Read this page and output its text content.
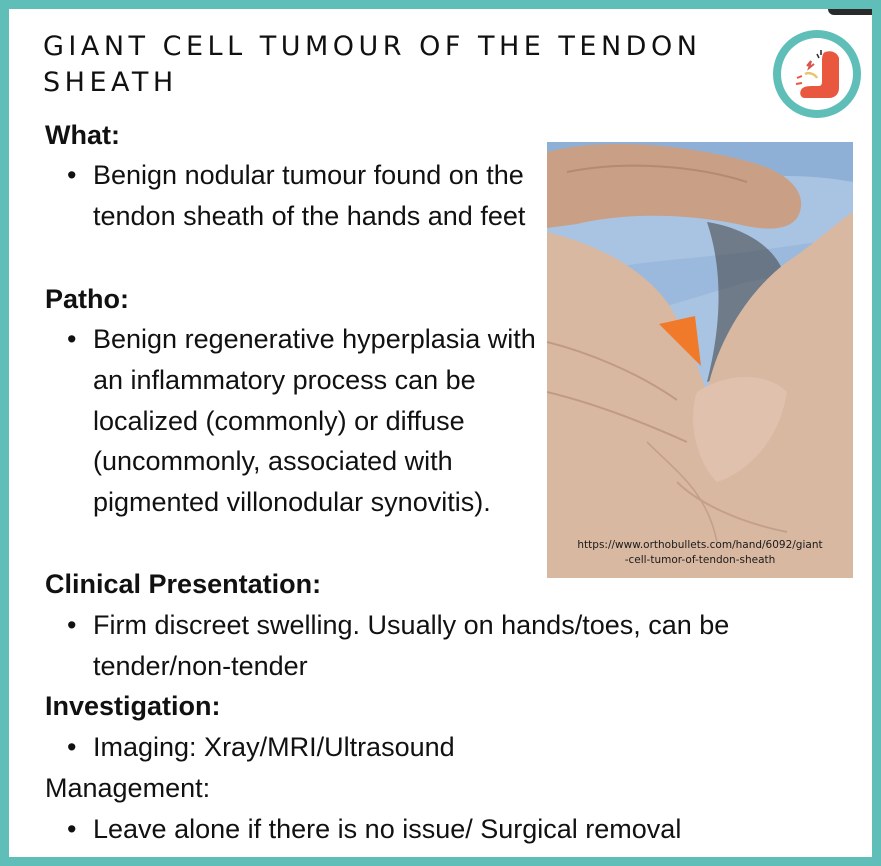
GIANT CELL TUMOUR OF THE TENDON SHEATH

What:

• Benign nodular tumour found on the tendon sheath of the hands and feet

Patho:

• Benign regenerative hyperplasia with an inflammatory process can be localized (commonly) or diffuse (uncommonly, associated with pigmented villonodular synovitis).

Clinical Presentation:

• Firm discreet swelling. Usually on hands/toes, can be tender/non-tender

Investigation:

• Imaging: Xray/MRI/Ultrasound

Management:

• Leave alone if there is no issue/ Surgical removal
https://www.orthobullets.com/hand/6092/giant
-cell-tumor-of-tendon-sheath
